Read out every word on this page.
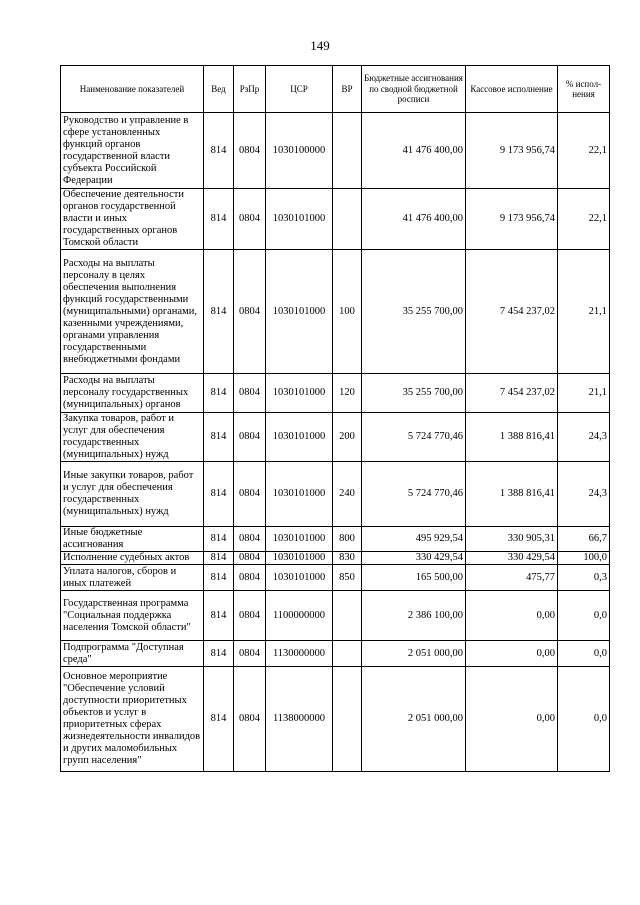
149
Наименование показателей	Вед	РзПр	ЦСР	ВР	Бюджетные ассигнования по сводной бюджетной росписи	Кассовое исполнение	% испол-нения
Руководство и управление в сфере установленных функций органов государственной власти субъекта Российской Федерации	814	0804	1030100000		41 476 400,00	9 173 956,74	22,1
Обеспечение деятельности органов государственной власти и иных государственных органов Томской области	814	0804	1030101000		41 476 400,00	9 173 956,74	22,1
Расходы на выплаты персоналу в целях обеспечения выполнения функций государственными (муниципальными) органами, казенными учреждениями, органами управления государственными внебюджетными фондами	814	0804	1030101000	100	35 255 700,00	7 454 237,02	21,1
Расходы на выплаты персоналу государственных (муниципальных) органов	814	0804	1030101000	120	35 255 700,00	7 454 237,02	21,1
Закупка товаров, работ и услуг для обеспечения государственных (муниципальных) нужд	814	0804	1030101000	200	5 724 770,46	1 388 816,41	24,3
Иные закупки товаров, работ и услуг для обеспечения государственных (муниципальных) нужд	814	0804	1030101000	240	5 724 770,46	1 388 816,41	24,3
Иные бюджетные ассигнования	814	0804	1030101000	800	495 929,54	330 905,31	66,7
Исполнение судебных актов	814	0804	1030101000	830	330 429,54	330 429,54	100,0
Уплата налогов, сборов и иных платежей	814	0804	1030101000	850	165 500,00	475,77	0,3
Государственная программа "Социальная поддержка населения Томской области"	814	0804	1100000000		2 386 100,00	0,00	0,0
Подпрограмма "Доступная среда"	814	0804	1130000000		2 051 000,00	0,00	0,0
Основное мероприятие "Обеспечение условий доступности приоритетных объектов и услуг в приоритетных сферах жизнедеятельности инвалидов и других маломобильных групп населения"	814	0804	1138000000		2 051 000,00	0,00	0,0
